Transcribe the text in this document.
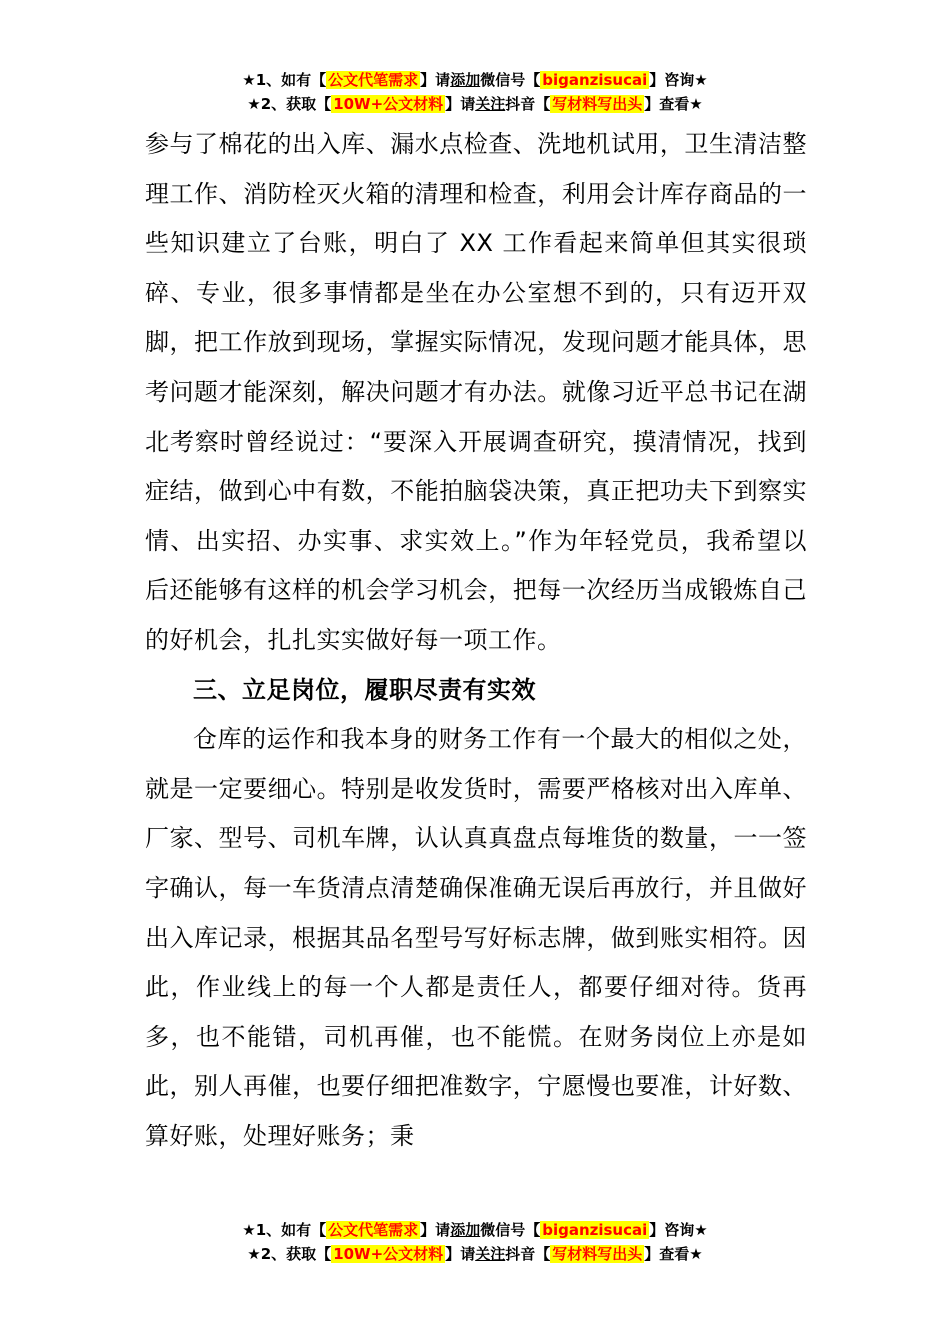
★1、如有【 公文代笔需求 】请添加微信号【 biganzisucai 】咨询★
★2、获取【 10W+公文材料 】请关注抖音【 写材料写出头 】查看★

参与了棉花的出入库、漏水点检查、洗地机试用，卫生清洁整理工作、消防栓灭火箱的清理和检查，利用会计库存商品的一些知识建立了台账，明白了 XX 工作看起来简单但其实很琐碎、专业，很多事情都是坐在办公室想不到的，只有迈开双脚，把工作放到现场，掌握实际情况，发现问题才能具体，思考问题才能深刻，解决问题才有办法。就像习近平总书记在湖北考察时曾经说过：“要深入开展调查研究，摸清情况，找到症结，做到心中有数，不能拍脑袋决策，真正把功夫下到察实情、出实招、办实事、求实效上。”作为年轻党员，我希望以后还能够有这样的机会学习机会，把每一次经历当成锻炼自己的好机会，扎扎实实做好每一项工作。

三、立足岗位，履职尽责有实效

仓库的运作和我本身的财务工作有一个最大的相似之处，就是一定要细心。特别是收发货时，需要严格核对出入库单、厂家、型号、司机车牌，认认真真盘点每堆货的数量，一一签字确认，每一车货清点清楚确保准确无误后再放行，并且做好出入库记录，根据其品名型号写好标志牌，做到账实相符。因此，作业线上的每一个人都是责任人，都要仔细对待。货再多，也不能错，司机再催，也不能慌。在财务岗位上亦是如此，别人再催，也要仔细把准数字，宁愿慢也要准，计好数、算好账，处理好账务；秉

★1、如有【 公文代笔需求 】请添加微信号【 biganzisucai 】咨询★
★2、获取【 10W+公文材料 】请关注抖音【 写材料写出头 】查看★
